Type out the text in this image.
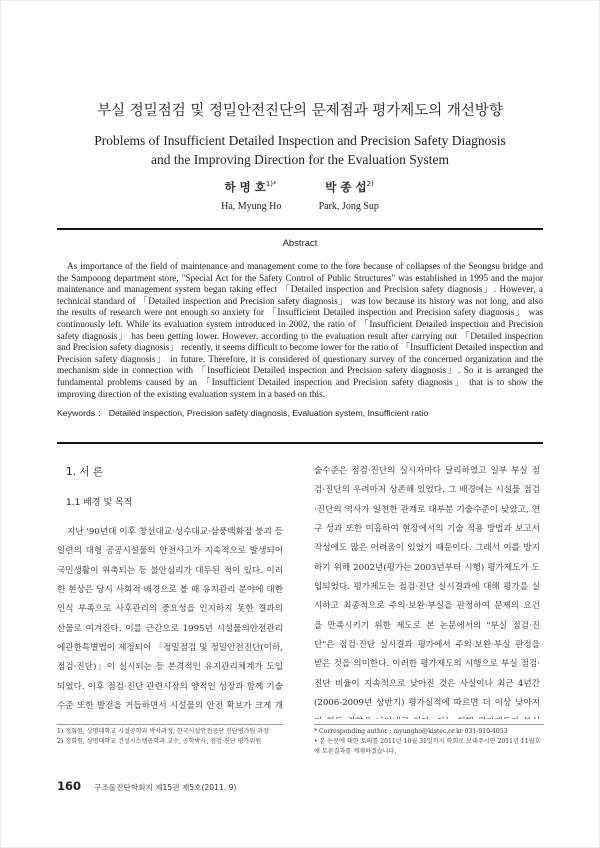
부실 정밀점검 및 정밀안전진단의 문제점과 평가제도의 개선방향
Problems of Insufficient Detailed Inspection and Precision Safety Diagnosis
and the Improving Direction for the Evaluation System
하 명 호$^{1)*}$	박 종 섭$^{2)}$
Ha, Myung Ho	Park, Jong Sup
Abstract
As importance of the field of maintenance and management come to the fore because of collapses of the Seongsu bridge and the Sampoong department store, "Special Act for the Safety Control of Public Structures" was established in 1995 and the major maintenance and management system began taking effect 「Detailed inspection and Precision safety diagnosis」. However, a technical standard of 「Detailed inspection and Precision safety diagnosis」 was low because its history was not long, and also the results of research were not enough so anxiety for 「Insufficient Detailed inspection and Precision safety diagnosis」 was continuously left. While its evaluation system introduced in 2002, the ratio of 「Insufficient Detailed inspection and Precision safety diagnosis」 has been getting lower. However, according to the evaluation result after carrying out 「Detailed inspection and Precision safety diagnosis」 recently, it seems difficult to become lower for the ratio of 「Insufficient Detailed inspection and Precision safety diagnosis」 in future. Therefore, it is considered of questionary survey of the concerned organization and the mechanism side in connection with 「Insufficient Detailed inspection and Precision safety diagnosis」. So it is arranged the fundamental problems caused by an 「Insufficient Detailed inspection and Precision safety diagnosis」 that is to show the improving direction of the existing evaluation system in a based on this.
Keywords ： Detailed inspection, Precision safety diagnosis, Evaluation system, Insufficient ratio
1. 서 론
1.1 배경 및 목적
지난 '90년대 이후 창선대교·성수대교·삼풍백화점 붕괴 등 일련의 대형 공공시설물의 안전사고가 지속적으로 발생되어 국민생활이 위축되는 등 불안심리가 대두된 적이 있다. 이러한 현상은 당시 사회적 배경으로 볼 때 유지관리 분야에 대한 인식 부족으로 사후관리의 중요성을 인지하지 못한 결과의 산물로 여겨진다. 이를 근간으로 1995년 시설물의안전관리에관한특별법이 제정되어 「정밀점검 및 정밀안전진단(이하, 점검·진단)」이 실시되는 등 본격적인 유지관리체계가 도입되었다. 이후 점검·진단 관련시장의 양적인 성장과 함께 기술수준 또한 발전을 거듭하면서 시설물의 안전 확보가 크게 개
술수준은 점검·진단의 실시자마다 달리하였고 일부 부실 점검·진단의 우려마저 상존해 있었다. 그 배경에는 시설물 점검·진단의 역사가 일천한 관계로 대부분 기술수준이 낮았고, 연구 성과 또한 미흡하여 현장에서의 기술 적용 방법과 보고서 작성에도 많은 어려움이 있었기 때문이다. 그래서 이를 방지하기 위해 2002년(평가는 2003년부터 시행) 평가제도가 도입되었다. 평가제도는 점검·진단 실시결과에 대해 평가를 실시하고 최종적으로 주의·보완·부실을 판정하여 문제의 요건을 만족시키기 위한 제도로 본 논문에서의 "부실 점검·진단"은 점검·진단 실시결과 평가에서 주의·보완·부실 판정을 받은 것을 의미한다. 이러한 평가제도의 시행으로 부실 점검·진단 비율이 지속적으로 낮아진 것은 사실이나 최근 4년간(2006-2009년 상반기) 평가실적에 따르면 더 이상 낮아지
1) 정회원, 상명대학교 시설공학과 박사과정, 한국시설안전공단 진단평가팀 과장
2) 정회원, 상명대학교 건설시스템공학과 교수, 공학박사, 점검·진단 평가위원
* Corresponding author : myungho@kistec.or.kr 031-910-4053
• 본 논문에 대한 토의를 2011년 10월 31일까지 학회로 보내주시면 2011년 11월호에 토론결과를 게재하겠습니다.
160 구조물진단학회지 제15권 제5호(2011. 9)
